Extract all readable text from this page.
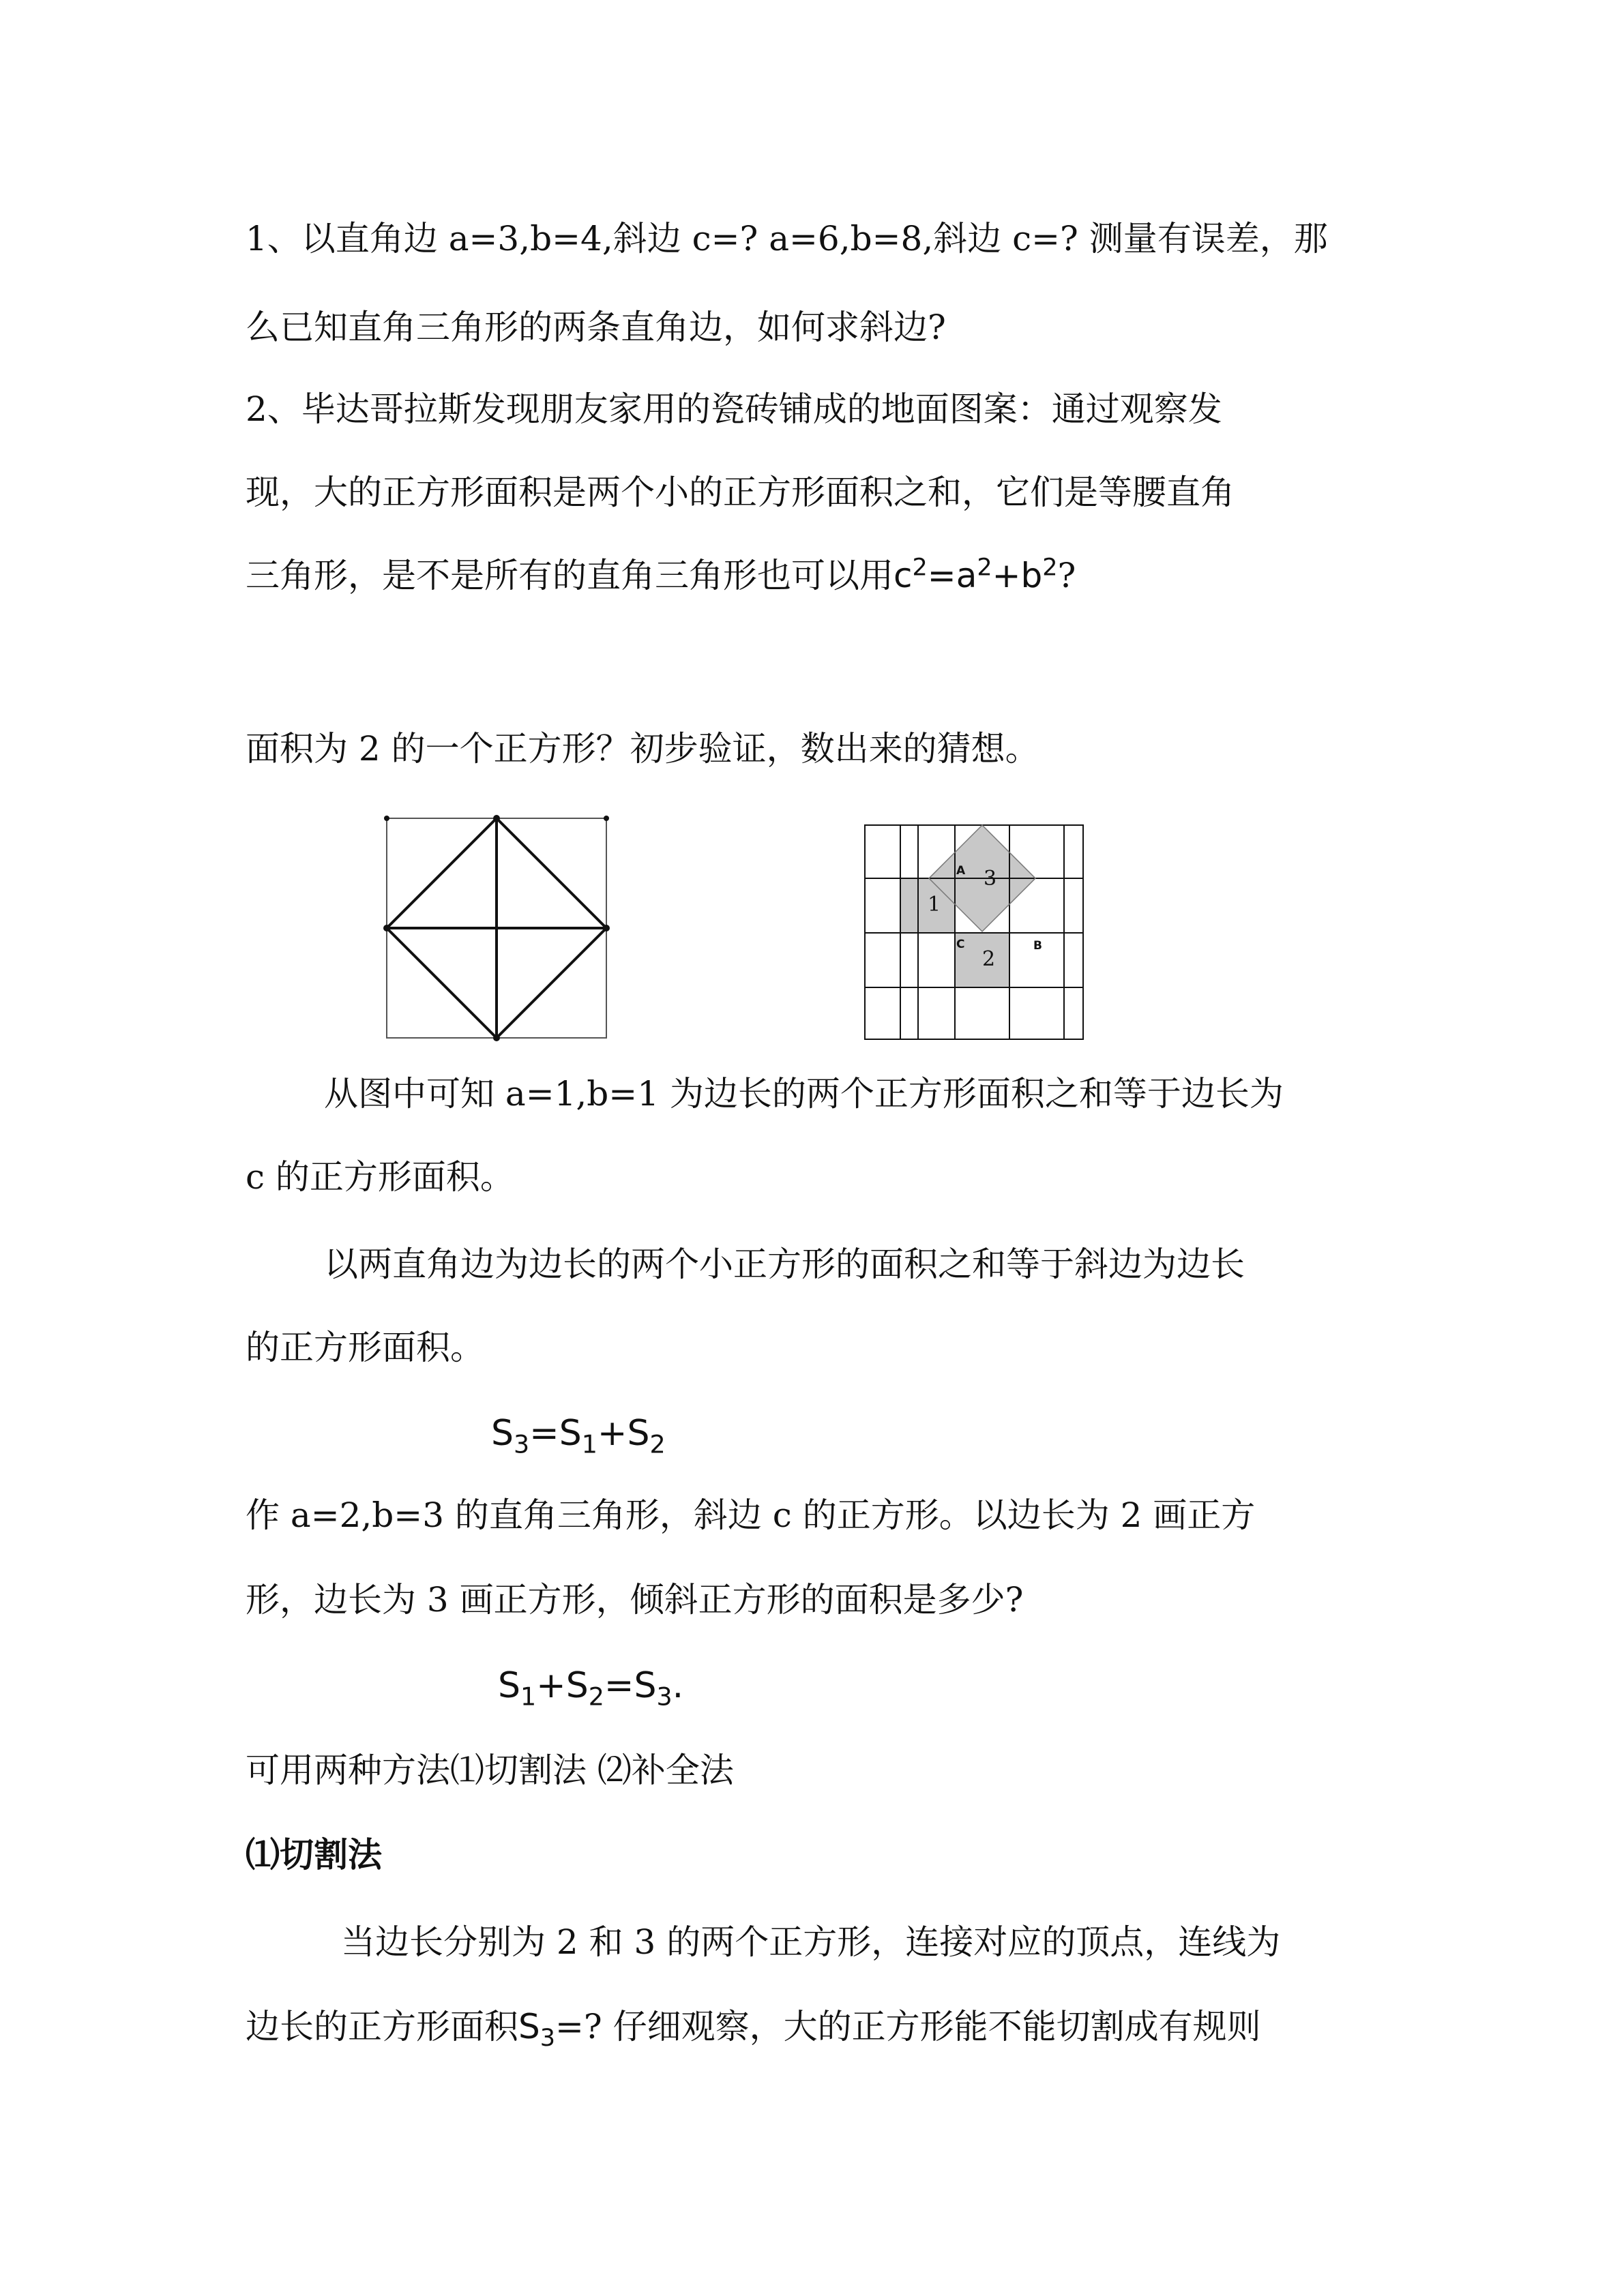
1、以直角边 a=3,b=4,斜边 c=? a=6,b=8,斜边 c=? 测量有误差，那

么已知直角三角形的两条直角边，如何求斜边?

2、毕达哥拉斯发现朋友家用的瓷砖铺成的地面图案：通过观察发

现，大的正方形面积是两个小的正方形面积之和，它们是等腰直角

三角形，是不是所有的直角三角形也可以用$c^2=a^2+b^2$?

面积为 2 的一个正方形？初步验证，数出来的猜想。

1
2
3
A
C	B

从图中可知 a=1,b=1 为边长的两个正方形面积之和等于边长为

c 的正方形面积。

以两直角边为边长的两个小正方形的面积之和等于斜边为边长

的正方形面积。

$S_3=S_1+S_2$

作 a=2,b=3 的直角三角形，斜边 c 的正方形。以边长为 2 画正方

形，边长为 3 画正方形，倾斜正方形的面积是多少?

$S_1+S_2=S_3$.

可用两种方法⑴切割法 ⑵补全法

⑴切割法

当边长分别为 2 和 3 的两个正方形，连接对应的顶点，连线为

边长的正方形面积$S_3=$? 仔细观察，大的正方形能不能切割成有规则
